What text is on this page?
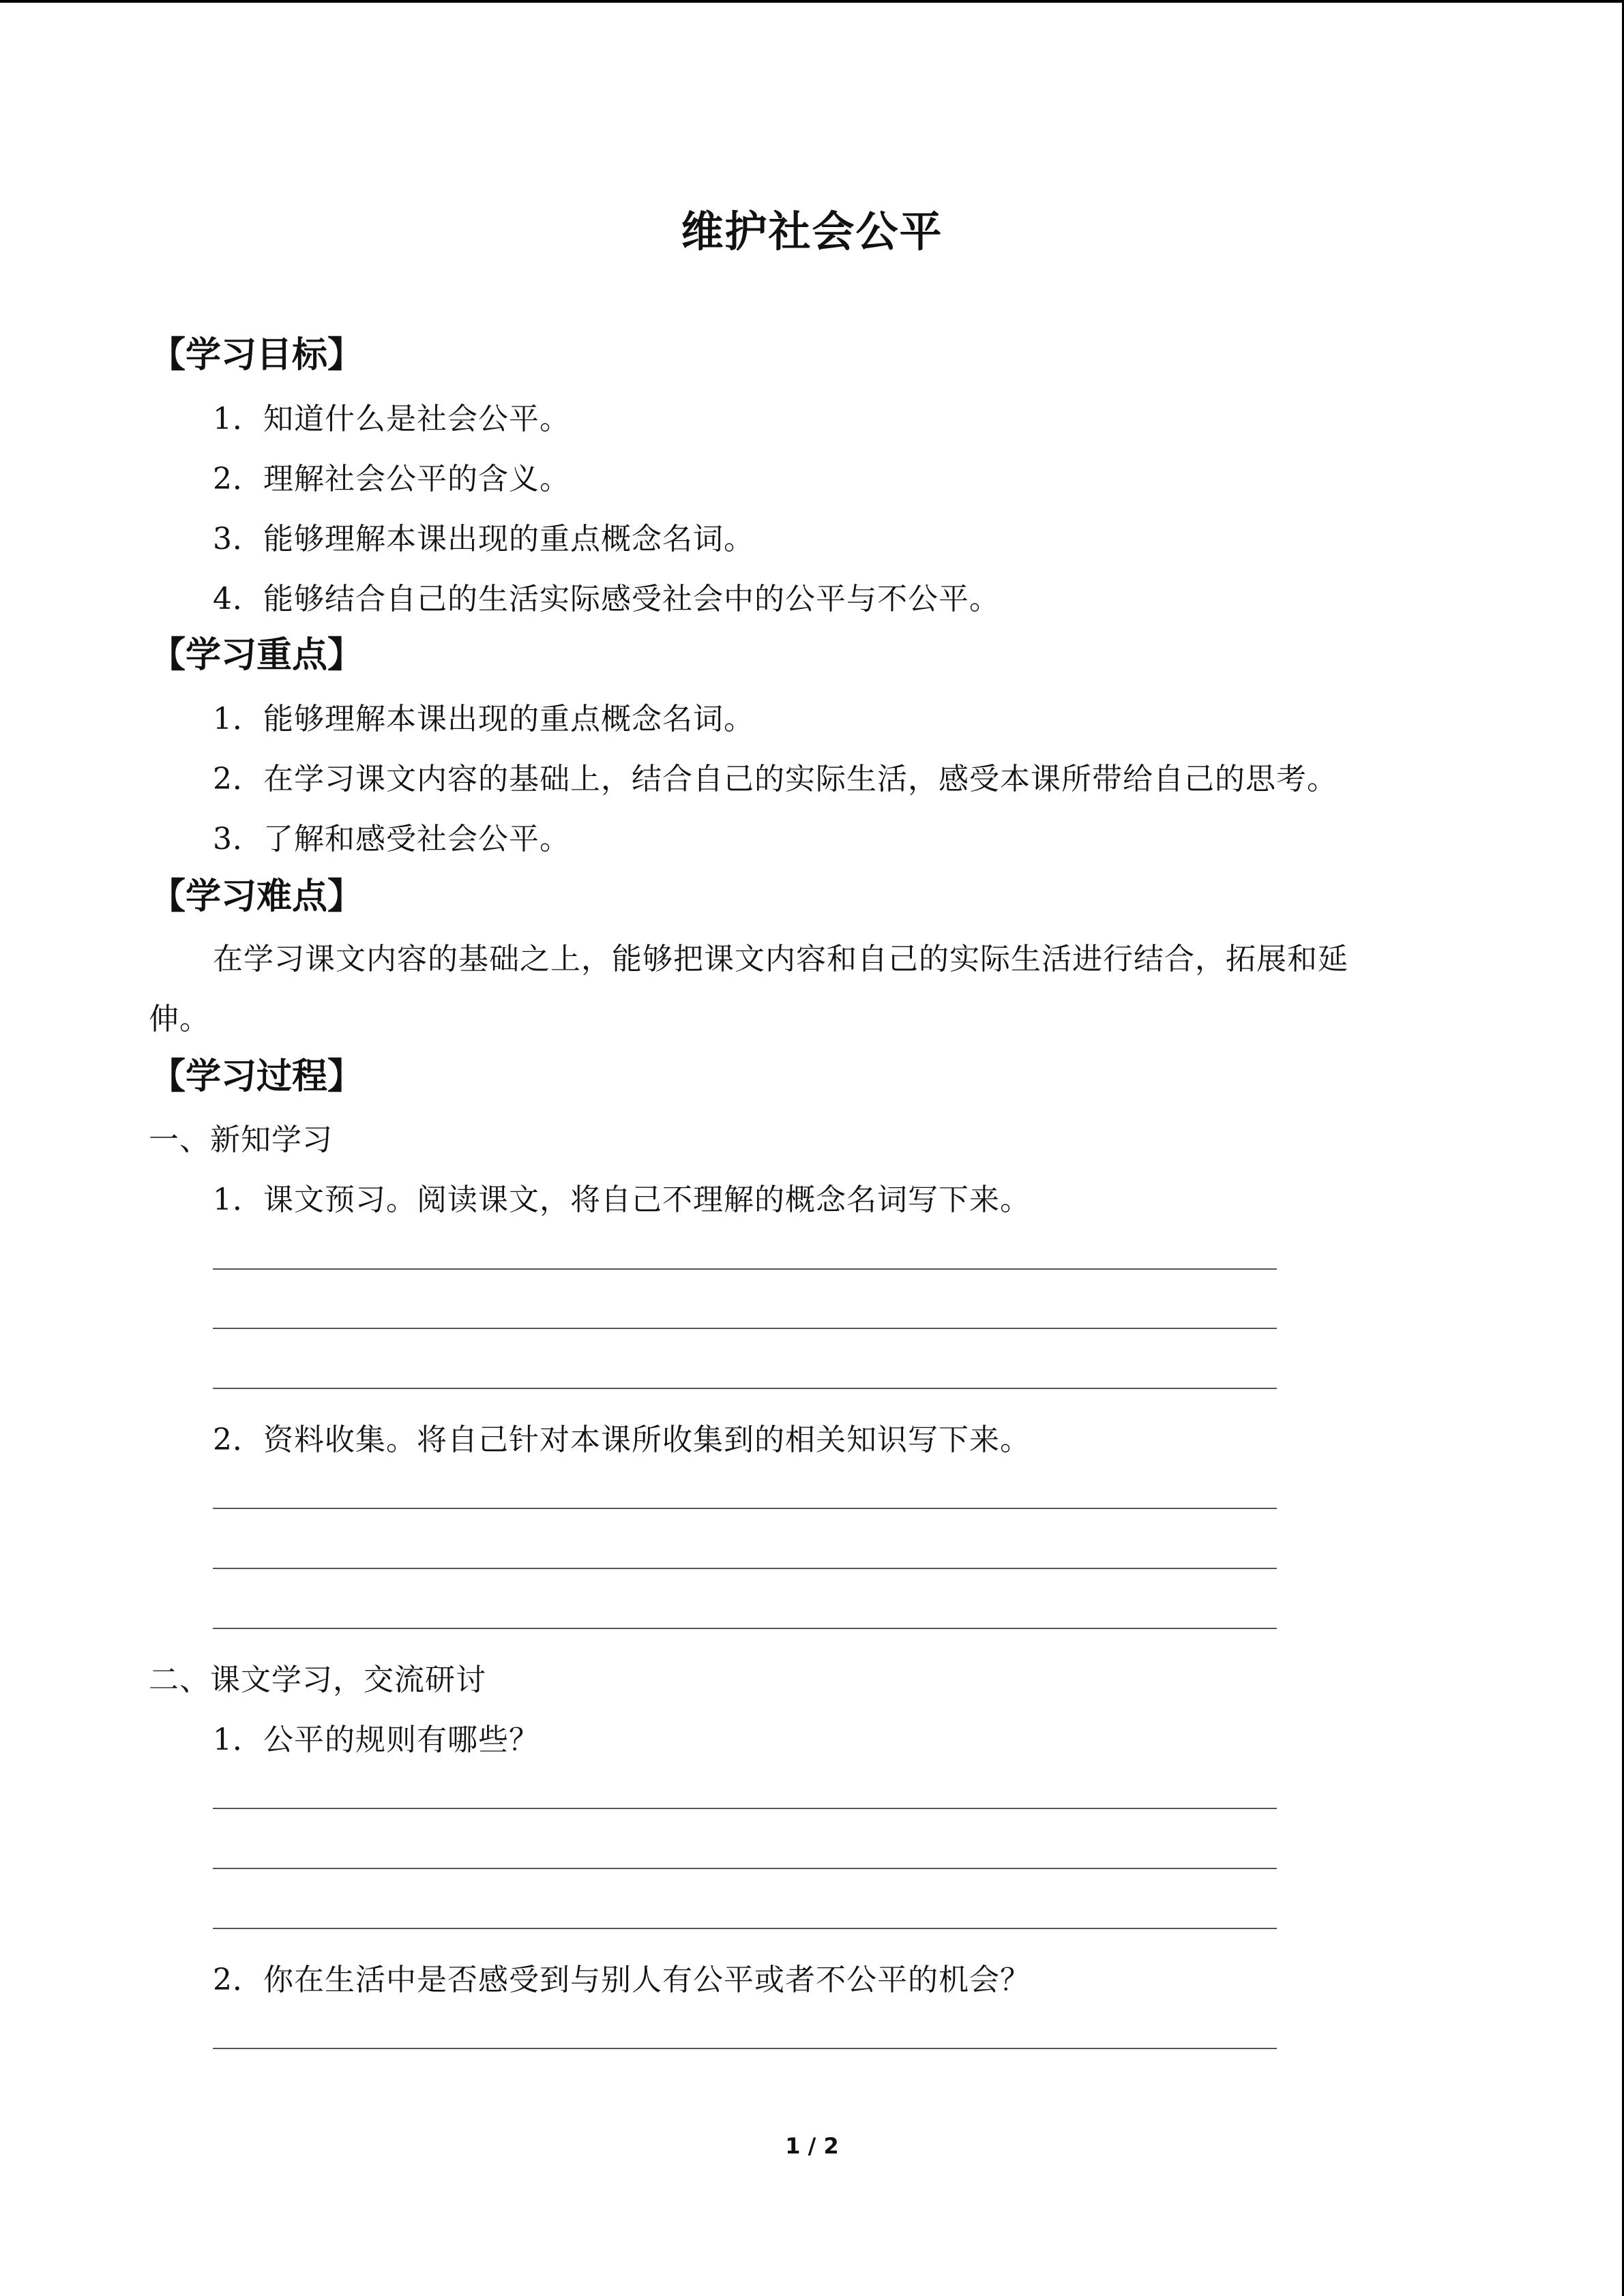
维护社会公平
【学习目标】
1．知道什么是社会公平。
2．理解社会公平的含义。
3．能够理解本课出现的重点概念名词。
4．能够结合自己的生活实际感受社会中的公平与不公平。
【学习重点】
1．能够理解本课出现的重点概念名词。
2．在学习课文内容的基础上，结合自己的实际生活，感受本课所带给自己的思考。
3．了解和感受社会公平。
【学习难点】
在学习课文内容的基础之上，能够把课文内容和自己的实际生活进行结合，拓展和延
伸。
【学习过程】
一、新知学习
1．课文预习。阅读课文，将自己不理解的概念名词写下来。
2．资料收集。将自己针对本课所收集到的相关知识写下来。
二、课文学习，交流研讨
1．公平的规则有哪些？
2．你在生活中是否感受到与别人有公平或者不公平的机会？
1 / 2
